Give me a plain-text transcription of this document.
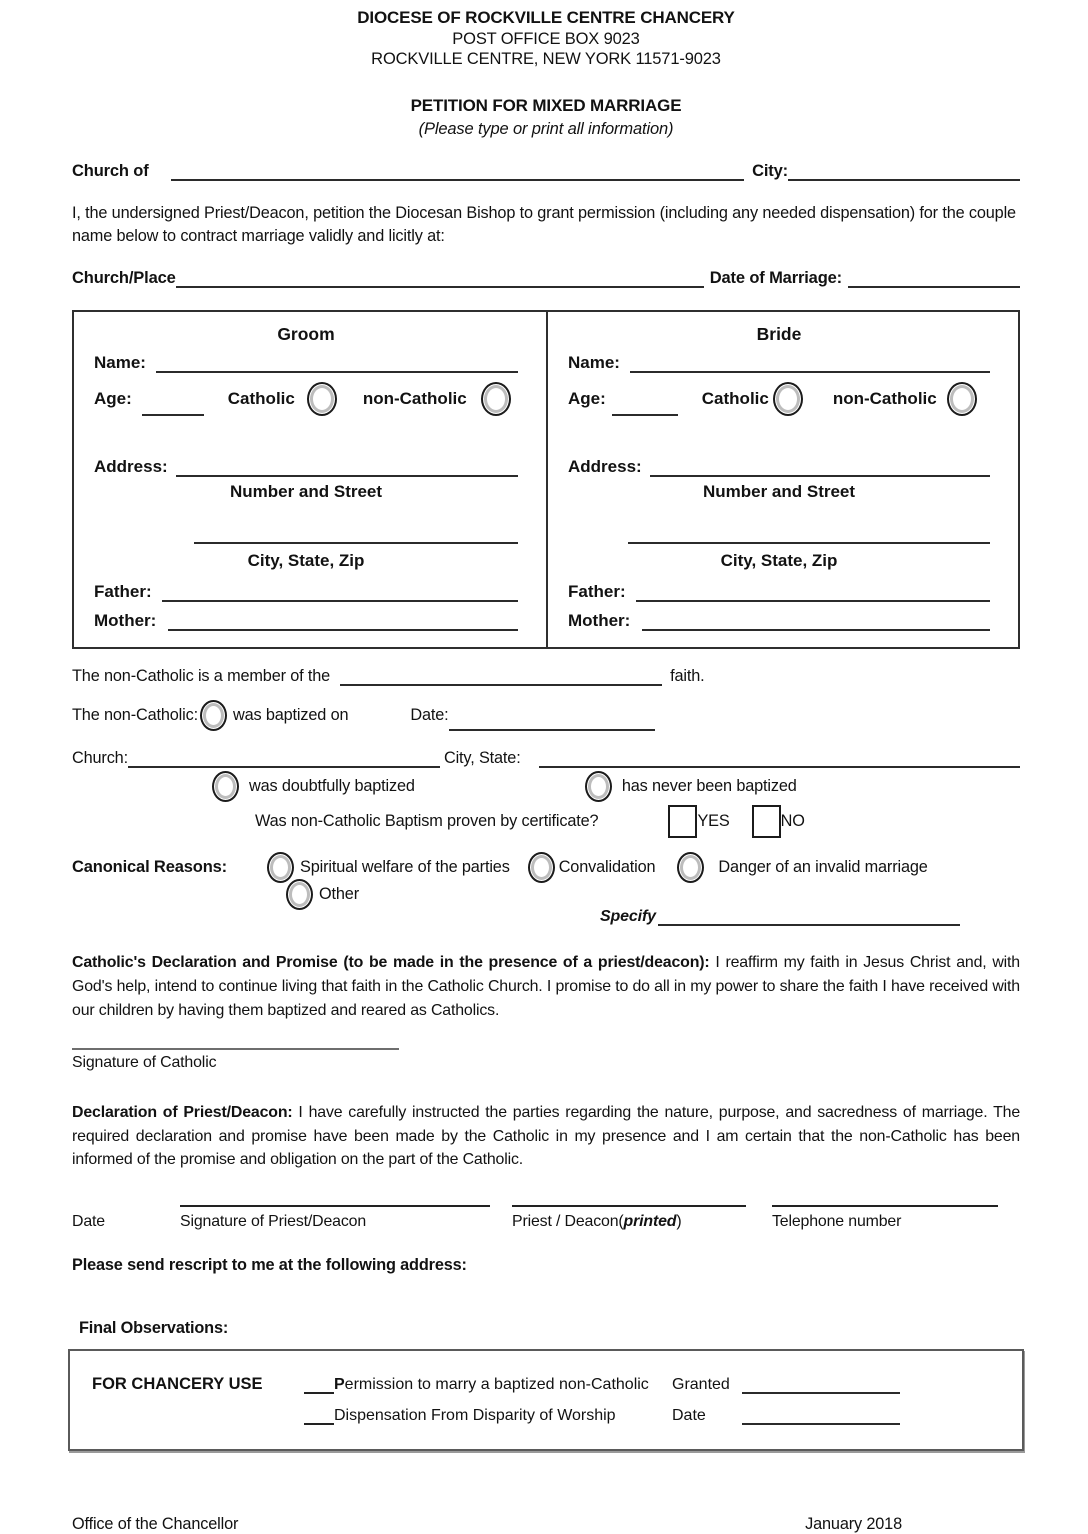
DIOCESE OF ROCKVILLE CENTRE CHANCERY
POST OFFICE BOX 9023
ROCKVILLE CENTRE, NEW YORK 11571-9023
PETITION FOR MIXED MARRIAGE
(Please type or print all information)
Church of	City:

I, the undersigned Priest/Deacon, petition the Diocesan Bishop to grant permission (including any needed dispensation) for the couple name below to contract marriage validly and licitly at:

Church/Place	Date of Marriage:
Groom
Name:
Age:	Catholic	non-Catholic
Address:
Number and Street
City, State, Zip
Father:
Mother:
Bride
Name:
Age:	Catholic	non-Catholic
Address:
Number and Street
City, State, Zip
Father:
Mother:
The non-Catholic is a member of the	faith.
The non-Catholic: was baptized on	Date:
Church:	City, State:
was doubtfully baptized	has never been baptized
Was non-Catholic Baptism proven by certificate?	YES	NO
Canonical Reasons:	Spiritual welfare of the parties	Convalidation	Danger of an invalid marriage
Other
Specify

Catholic's Declaration and Promise (to be made in the presence of a priest/deacon): I reaffirm my faith in Jesus Christ and, with God's help, intend to continue living that faith in the Catholic Church. I promise to do all in my power to share the faith I have received with our children by having them baptized and reared as Catholics.

Signature of Catholic

Declaration of Priest/Deacon: I have carefully instructed the parties regarding the nature, purpose, and sacredness of marriage. The required declaration and promise have been made by the Catholic in my presence and I am certain that the non-Catholic has been informed of the promise and obligation on the part of the Catholic.

Date	Signature of Priest/Deacon	Priest / Deacon(printed)	Telephone number
Please send rescript to me at the following address:
Final Observations:
FOR CHANCERY USE	P ermission to marry a baptized non-Catholic Granted
Dispensation From Disparity of Worship	Date
Office of the Chancellor	January 2018
